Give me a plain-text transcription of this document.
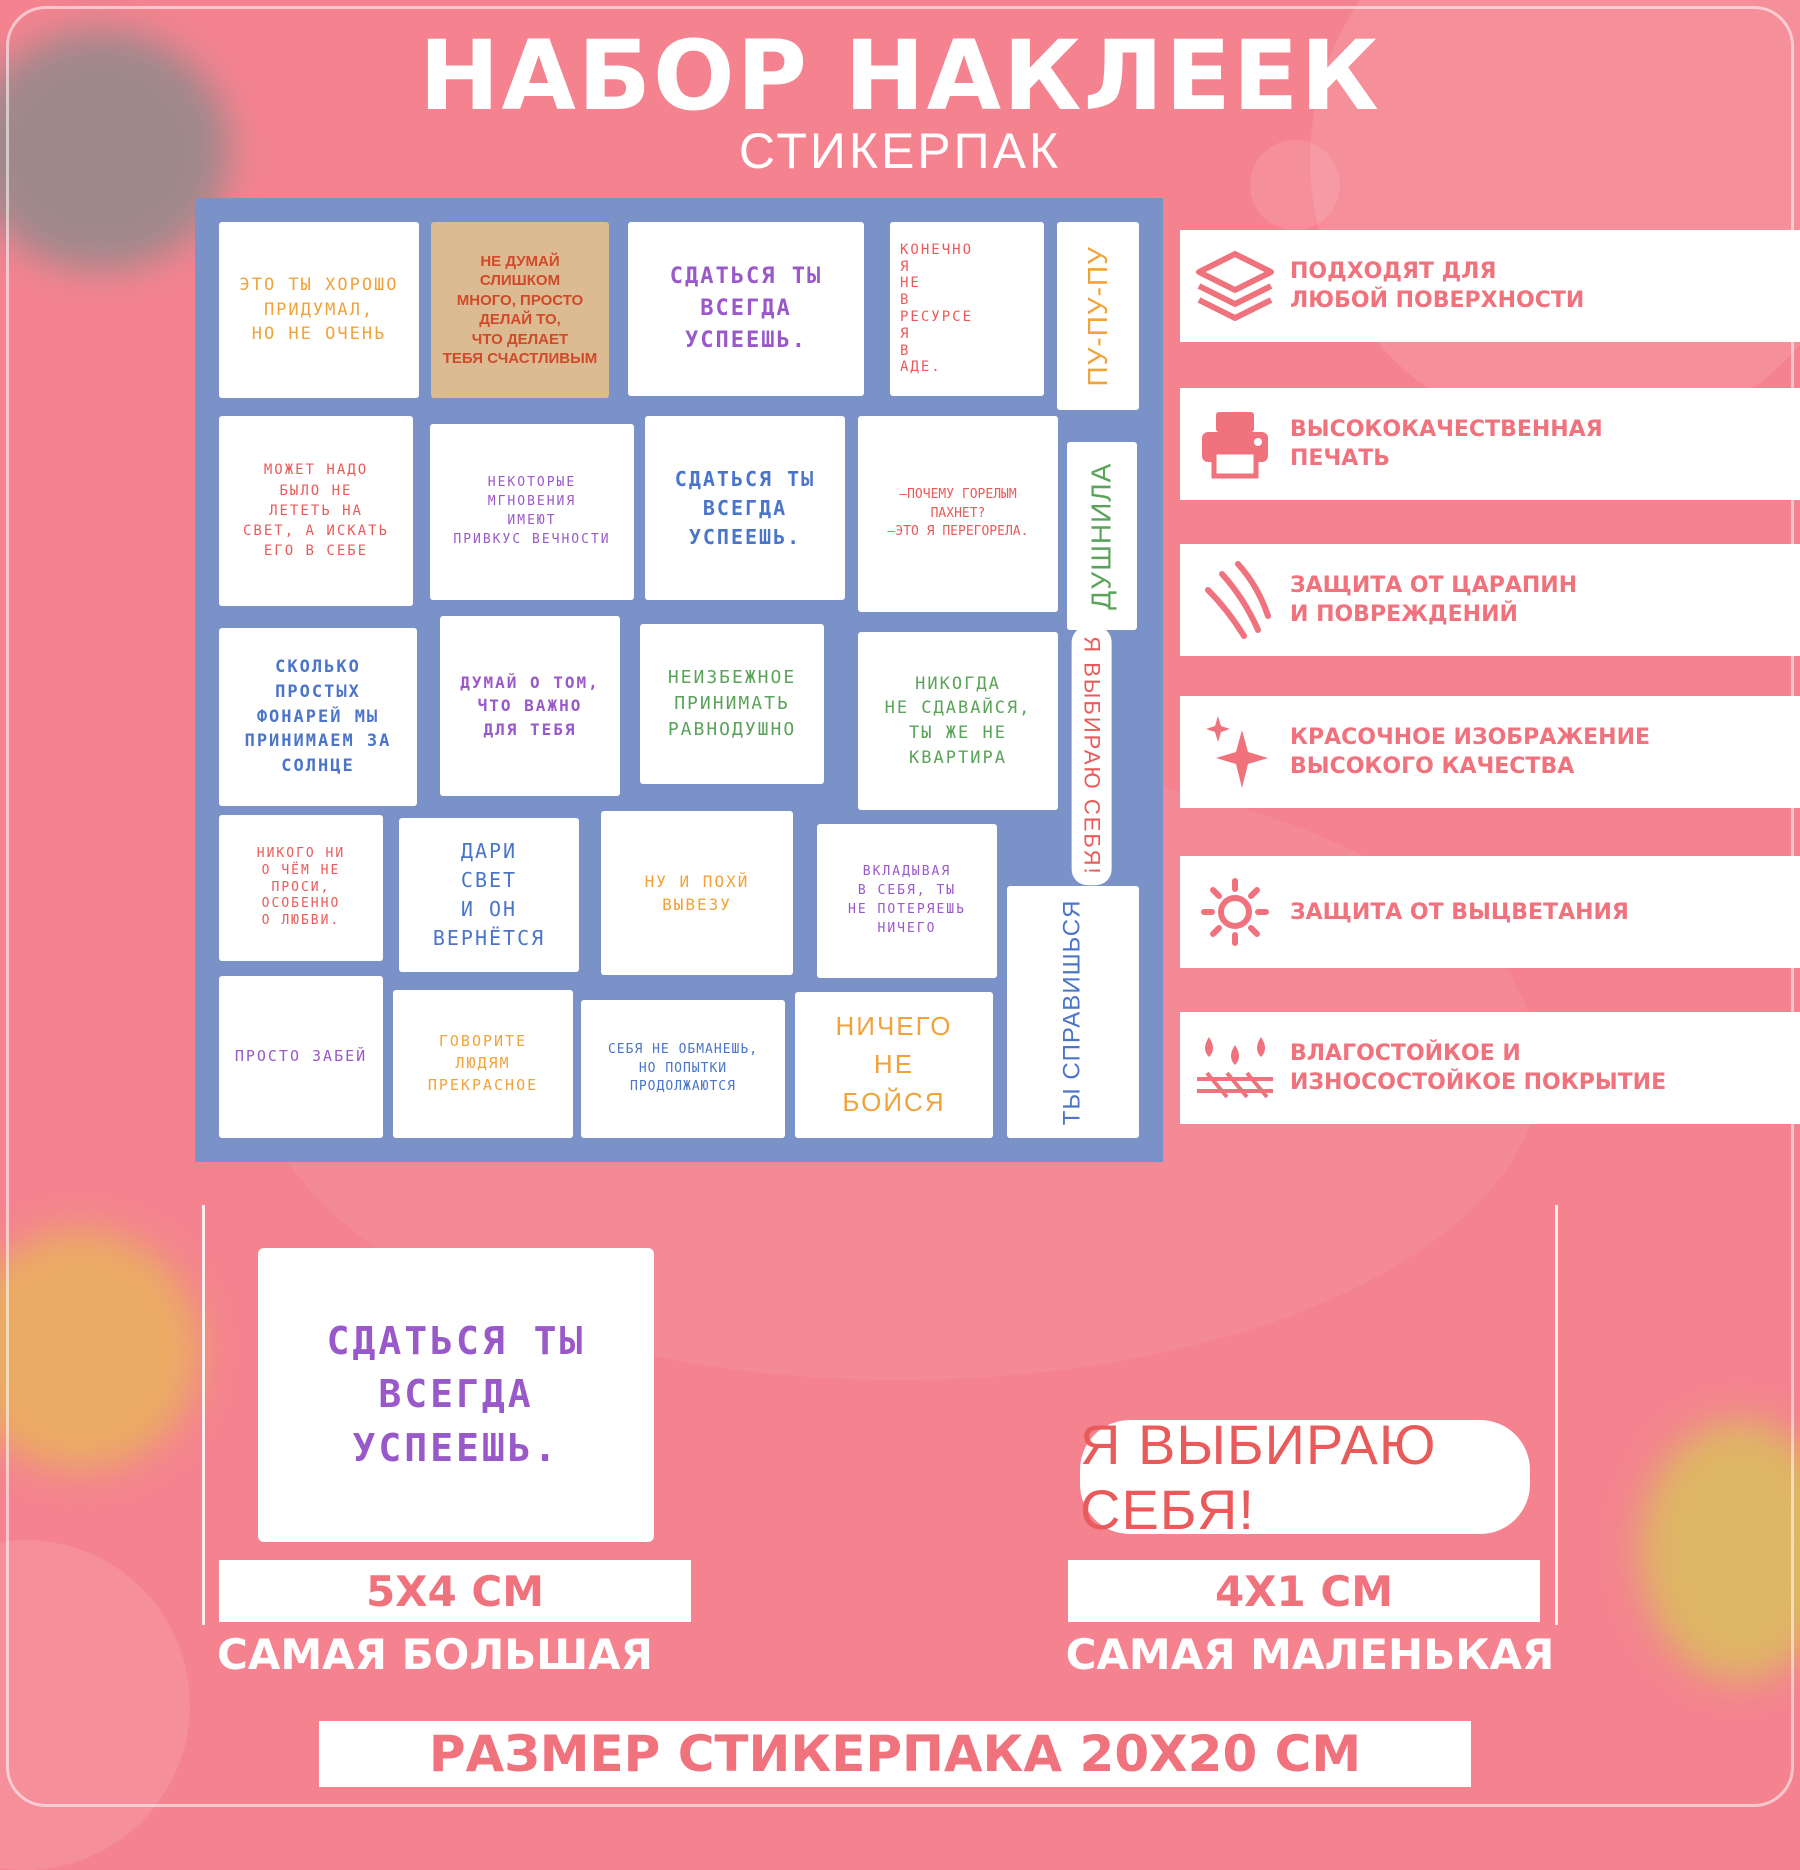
НАБОР НАКЛЕЕК
СТИКЕРПАК
ЭТО ТЫ ХОРОШО
ПРИДУМАЛ,
НО НЕ ОЧЕНЬ
НЕ ДУМАЙ
СЛИШКОМ
МНОГО, ПРОСТО
ДЕЛАЙ ТО,
ЧТО ДЕЛАЕТ
ТЕБЯ СЧАСТЛИВЫМ
СДАТЬСЯ ТЫ
ВСЕГДА
УСПЕЕШЬ.
КОНЕЧНО
Я
НЕ
В
РЕСУРСЕ
Я
В
АДЕ.	ПУ-ПУ-ПУ
МОЖЕТ НАДО
БЫЛО НЕ
ЛЕТЕТЬ НА
СВЕТ, А ИСКАТЬ
ЕГО В СЕБЕ
НЕКОТОРЫЕ
МГНОВЕНИЯ
ИМЕЮТ
ПРИВКУС ВЕЧНОСТИ
СДАТЬСЯ ТЫ
ВСЕГДА
УСПЕЕШЬ.
—ПОЧЕМУ ГОРЕЛЫМ
ПАХНЕТ?
—ЭТО Я ПЕРЕГОРЕЛА. ДУШНИЛА
СКОЛЬКО
ПРОСТЫХ
ФОНАРЕЙ МЫ
ПРИНИМАЕМ ЗА
СОЛНЦЕ
ДУМАЙ О ТОМ,
ЧТО ВАЖНО
ДЛЯ ТЕБЯ
НЕИЗБЕЖНОЕ
ПРИНИМАТЬ
РАВНОДУШНО
НИКОГДА
НЕ СДАВАЙСЯ,
ТЫ ЖЕ НЕ
КВАРТИРА	Я ВЫБИРАЮ СЕБЯ!
НИКОГО НИ
О ЧЁМ НЕ
ПРОСИ,
ОСОБЕННО
О ЛЮБВИ.
ДАРИ
СВЕТ
И ОН
ВЕРНЁТСЯ
НУ И ПОХЙ
ВЫВЕЗУ
ВКЛАДЫВАЯ
В СЕБЯ, ТЫ
НЕ ПОТЕРЯЕШЬ
НИЧЕГО	ТЫ СПРАВИШЬСЯ
ПРОСТО ЗАБЕЙ
ГОВОРИТЕ
ЛЮДЯМ
ПРЕКРАСНОЕ
СЕБЯ НЕ ОБМАНЕШЬ,
НО ПОПЫТКИ
ПРОДОЛЖАЮТСЯ
НИЧЕГО
НЕ
БОЙСЯ
ПОДХОДЯТ ДЛЯ
ЛЮБОЙ ПОВЕРХНОСТИ
ВЫСОКОКАЧЕСТВЕННАЯ
ПЕЧАТЬ
ЗАЩИТА ОТ ЦАРАПИН
И ПОВРЕЖДЕНИЙ
КРАСОЧНОЕ ИЗОБРАЖЕНИЕ
ВЫСОКОГО КАЧЕСТВА
ЗАЩИТА ОТ ВЫЦВЕТАНИЯ
ВЛАГОСТОЙКОЕ И
ИЗНОСОСТОЙКОЕ ПОКРЫТИЕ
СДАТЬСЯ ТЫ
ВСЕГДА
УСПЕЕШЬ.
5Х4 СМ
САМАЯ БОЛЬШАЯ
Я ВЫБИРАЮ СЕБЯ!
4Х1 СМ
САМАЯ МАЛЕНЬКАЯ
РАЗМЕР СТИКЕРПАКА 20Х20 СМ
